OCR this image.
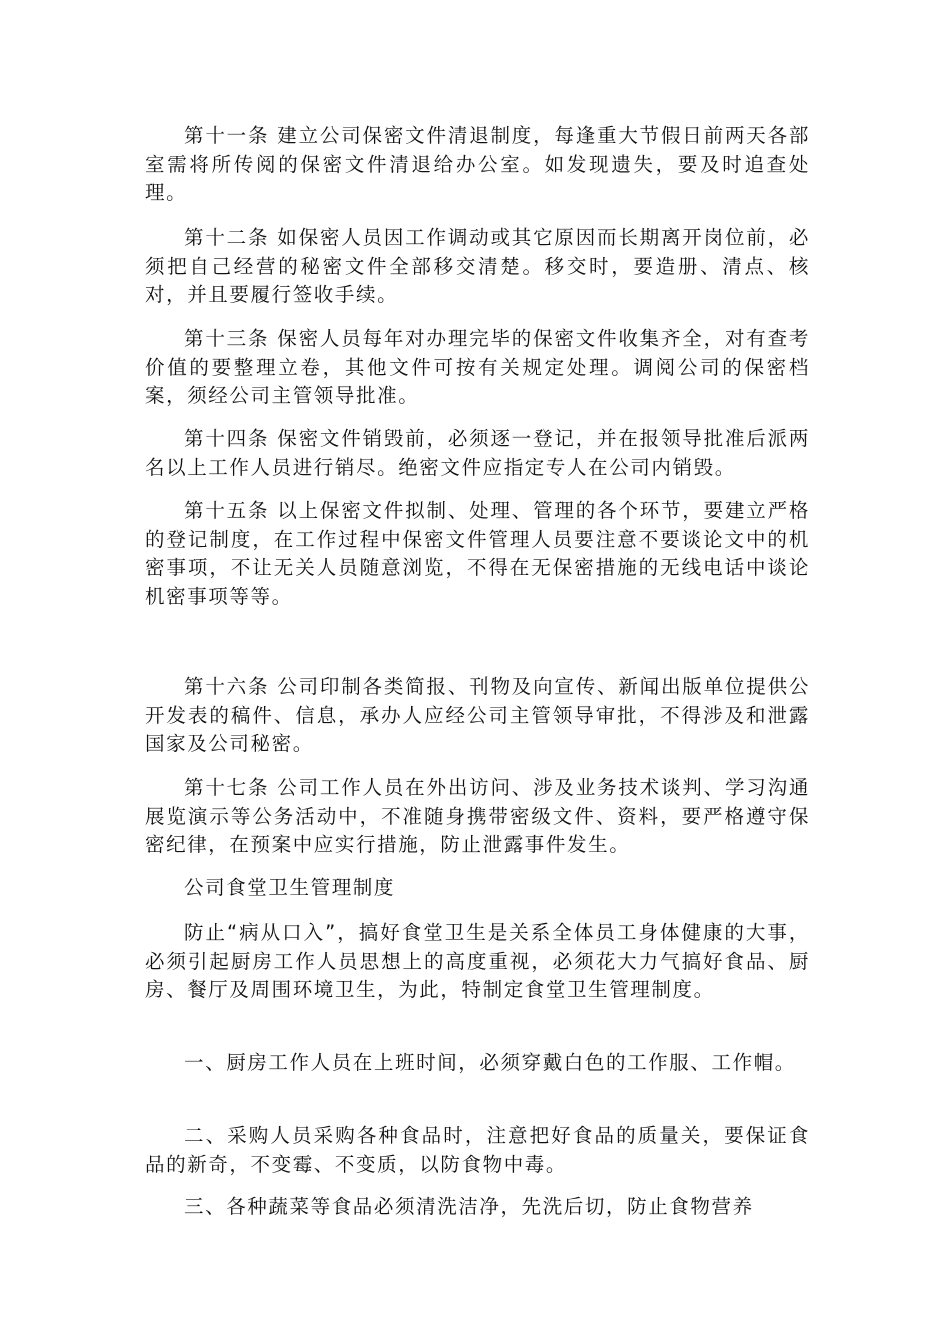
第十一条 建立公司保密文件清退制度，每逢重大节假日前两天各部室需将所传阅的保密文件清退给办公室。如发现遗失，要及时追查处理。

第十二条 如保密人员因工作调动或其它原因而长期离开岗位前，必须把自己经营的秘密文件全部移交清楚。移交时，要造册、清点、核对，并且要履行签收手续。

第十三条 保密人员每年对办理完毕的保密文件收集齐全，对有查考价值的要整理立卷，其他文件可按有关规定处理。调阅公司的保密档案，须经公司主管领导批准。

第十四条 保密文件销毁前，必须逐一登记，并在报领导批准后派两名以上工作人员进行销尽。绝密文件应指定专人在公司内销毁。

第十五条 以上保密文件拟制、处理、管理的各个环节，要建立严格的登记制度，在工作过程中保密文件管理人员要注意不要谈论文中的机密事项，不让无关人员随意浏览，不得在无保密措施的无线电话中谈论机密事项等等。

第十六条 公司印制各类简报、刊物及向宣传、新闻出版单位提供公开发表的稿件、信息，承办人应经公司主管领导审批，不得涉及和泄露国家及公司秘密。

第十七条 公司工作人员在外出访问、涉及业务技术谈判、学习沟通展览演示等公务活动中，不准随身携带密级文件、资料，要严格遵守保密纪律，在预案中应实行措施，防止泄露事件发生。

公司食堂卫生管理制度

防止“病从口入”，搞好食堂卫生是关系全体员工身体健康的大事，必须引起厨房工作人员思想上的高度重视，必须花大力气搞好食品、厨房、餐厅及周围环境卫生，为此，特制定食堂卫生管理制度。

一、厨房工作人员在上班时间，必须穿戴白色的工作服、工作帽。

二、采购人员采购各种食品时，注意把好食品的质量关，要保证食品的新奇，不变霉、不变质，以防食物中毒。

三、各种蔬菜等食品必须清洗洁净，先洗后切，防止食物营养
